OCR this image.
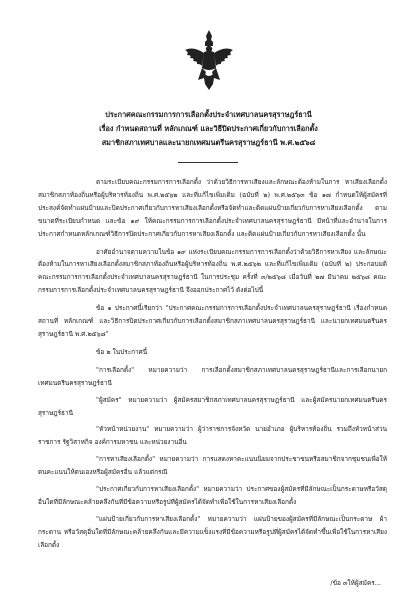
ประกาศคณะกรรมการการเลือกตั้งประจำเทศบาลนครสุราษฎร์ธานี
เรื่อง กำหนดสถานที่ หลักเกณฑ์ และวิธีปิดประกาศเกี่ยวกับการเลือกตั้ง
สมาชิกสภาเทศบาลและนายกเทศมนตรีนครสุราษฎร์ธานี พ.ศ.๒๕๖๘

ตามระเบียบคณะกรรมการการเลือกตั้ง ว่าด้วยวิธีการหาเสียงและลักษณะต้องห้ามในการ หาเสียงเลือกตั้งสมาชิกสภาท้องถิ่นหรือผู้บริหารท้องถิ่น พ.ศ.๒๕๖๒ และที่แก้ไขเพิ่มเติม (ฉบับที่ ๒) พ.ศ.๒๕๖๓ ข้อ ๑๗ กำหนดให้ผู้สมัครที่ประสงค์จัดทำแผ่นป้ายและปิดประกาศเกี่ยวกับการหาเสียงเลือกตั้งหรือจัดทำและติดแผ่นป้ายเกี่ยวกับการหาเสียงเลือกตั้ง ตามขนาดที่ระเบียบกำหนด และข้อ ๑๙ ให้คณะกรรมการการเลือกตั้งประจำเทศบาลนครสุราษฎร์ธานี มีหน้าที่และอำนาจในการประกาศกำหนดหลักเกณฑ์วิธีการปิดประกาศเกี่ยวกับการหาเสียงเลือกตั้ง และติดแผ่นป้ายเกี่ยวกับการหาเสียงเลือกตั้ง นั้น

อาศัยอำนาจตามความในข้อ ๑๙ แห่งระเบียบคณะกรรมการการเลือกตั้งว่าด้วยวิธีการหาเสียง และลักษณะต้องห้ามในการหาเสียงเลือกตั้งสมาชิกสภาท้องถิ่นหรือผู้บริหารท้องถิ่น พ.ศ.๒๕๖๒ และที่แก้ไขเพิ่มเติม (ฉบับที่ ๒) ประกอบมติคณะกรรมการการเลือกตั้งประจำเทศบาลนครสุราษฎร์ธานี ในการประชุม ครั้งที่ ๓/๒๕๖๘ เมื่อวันที่ ๒๗ มีนาคม ๒๕๖๘ คณะกรรมการการเลือกตั้งประจำเทศบาลนครสุราษฎร์ธานี จึงออกประกาศไว้ ดังต่อไปนี้

ข้อ ๑ ประกาศนี้เรียกว่า "ประกาศคณะกรรมการการเลือกตั้งประจำเทศบาลนครสุราษฎร์ธานี เรื่องกำหนดสถานที่ หลักเกณฑ์ และวิธีการปิดประกาศเกี่ยวกับการเลือกตั้งสมาชิกสภาเทศบาลนครสุราษฎร์ธานี และนายกเทศมนตรีนครสุราษฎร์ธานี พ.ศ.๒๕๖๘"

ข้อ ๒ ในประกาศนี้

"การเลือกตั้ง" หมายความว่า การเลือกตั้งสมาชิกสภาเทศบาลนครสุราษฎร์ธานีและการเลือกนายกเทศมนตรีนครสุราษฎร์ธานี

"ผู้สมัคร" หมายความว่า ผู้สมัครสมาชิกสภาเทศบาลนครสุราษฎร์ธานี และผู้สมัครนายกเทศมนตรีนครสุราษฎร์ธานี

"หัวหน้าหน่วยงาน" หมายความว่า ผู้ว่าราชการจังหวัด นายอำเภอ ผู้บริหารท้องถิ่น รวมถึงหัวหน้าส่วนราชการ รัฐวิสาหกิจ องค์การมหาชน และหน่วยงานอื่น

"การหาเสียงเลือกตั้ง" หมายความว่า การแสดงหาคะแนนนิยมจากประชาชนหรือสมาชิกจากชุมชนเพื่อให้ตนคะแนนให้ตนเองหรือผู้สมัครอื่น แล้วแต่กรณี

"ประกาศเกี่ยวกับการหาเสียงเลือกตั้ง" หมายความว่า ประกาศของผู้สมัครที่มีลักษณะเป็นกระดาษหรือวัสดุอื่นใดที่มีลักษณะคล้ายคลึงกันที่มีข้อความหรือรูปที่ผู้สมัครได้จัดทำเพื่อใช้ในการหาเสียงเลือกตั้ง

"แผ่นป้ายเกี่ยวกับการหาเสียงเลือกตั้ง" หมายความว่า แผ่นป้ายของผู้สมัครที่มีลักษณะเป็นกระดาษ ผ้า กระดาน หรือวัสดุอื่นใดที่มีลักษณะคล้ายคลึงกันและมีความแข็งแรงที่มีข้อความหรือรูปที่ผู้สมัครได้จัดทำขึ้นเพื่อใช้ในการหาเสียงเลือกตั้ง

/ข้อ ๓ให้ผู้สมัคร...
